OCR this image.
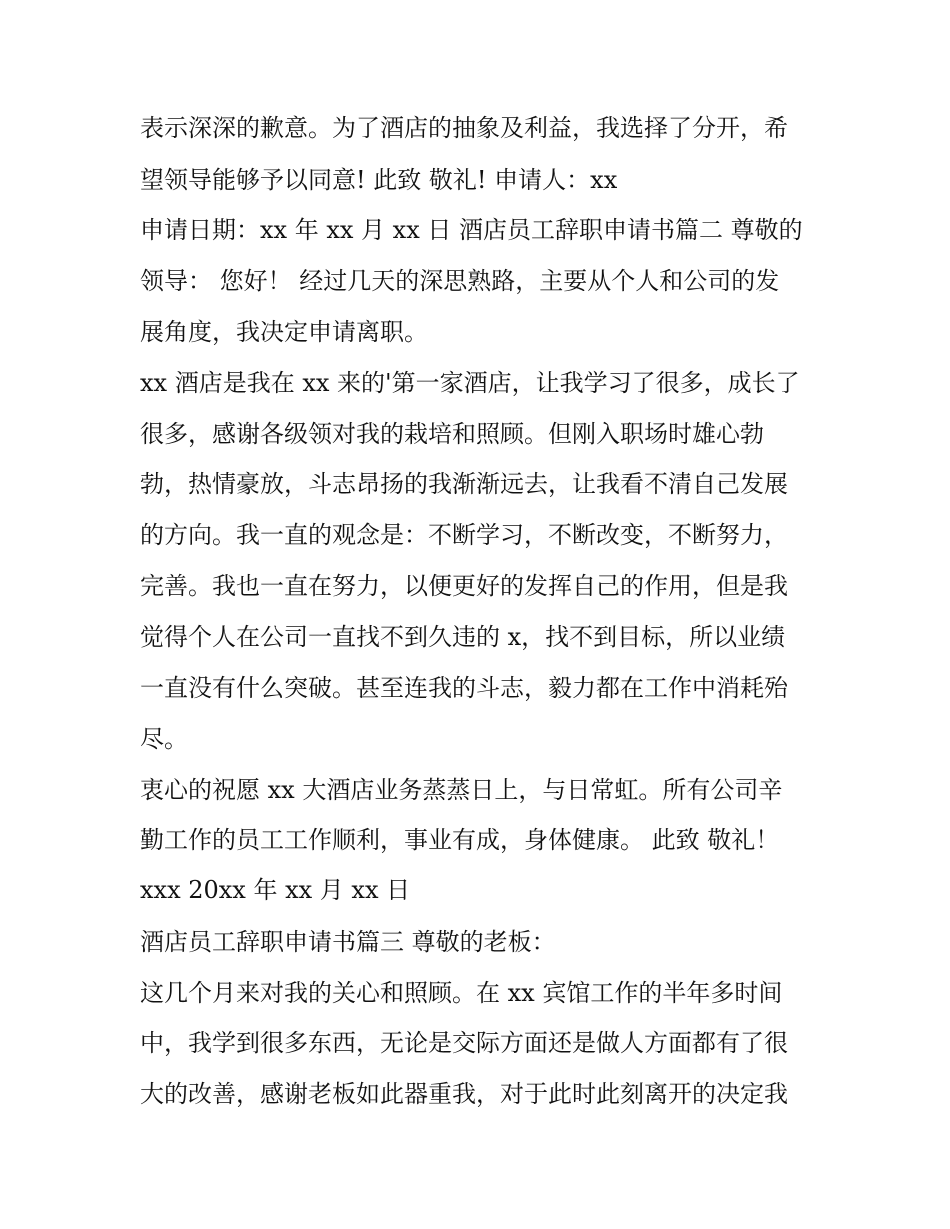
表示深深的歉意。为了酒店的抽象及利益，我选择了分开，希
望领导能够予以同意! 此致 敬礼! 申请人：xx
申请日期：xx 年 xx 月 xx 日 酒店员工辞职申请书篇二 尊敬的
领导： 您好！ 经过几天的深思熟路，主要从个人和公司的发
展角度，我决定申请离职。
xx 酒店是我在 xx 来的'第一家酒店，让我学习了很多，成长了
很多，感谢各级领对我的栽培和照顾。但刚入职场时雄心勃
勃，热情豪放，斗志昂扬的我渐渐远去，让我看不清自己发展
的方向。我一直的观念是：不断学习，不断改变，不断努力，
完善。我也一直在努力，以便更好的发挥自己的作用，但是我
觉得个人在公司一直找不到久违的 x，找不到目标，所以业绩
一直没有什么突破。甚至连我的斗志，毅力都在工作中消耗殆
尽。
衷心的祝愿 xx 大酒店业务蒸蒸日上，与日常虹。所有公司辛
勤工作的员工工作顺利，事业有成，身体健康。 此致 敬礼！
xxx 20xx 年 xx 月 xx 日
酒店员工辞职申请书篇三 尊敬的老板：
这几个月来对我的关心和照顾。在 xx 宾馆工作的半年多时间
中，我学到很多东西，无论是交际方面还是做人方面都有了很
大的改善，感谢老板如此器重我，对于此时此刻离开的决定我
